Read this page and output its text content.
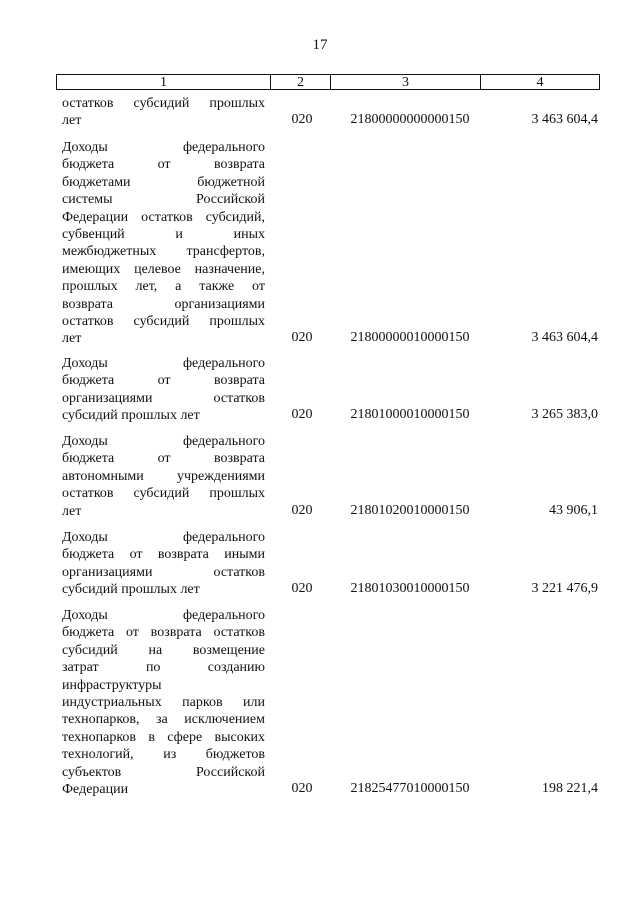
17
1	2	3	4
остатков субсидий прошлых
лет	020	21800000000000150	3 463 604,4
Доходы федерального
бюджета от возврата
бюджетами бюджетной
системы Российской
Федерации остатков субсидий,
субвенций и иных
межбюджетных трансфертов,
имеющих целевое назначение,
прошлых лет, а также от
возврата организациями
остатков субсидий прошлых
лет	020	21800000010000150	3 463 604,4
Доходы федерального
бюджета от возврата
организациями остатков
субсидий прошлых лет	020	21801000010000150	3 265 383,0
Доходы федерального
бюджета от возврата
автономными учреждениями
остатков субсидий прошлых
лет	020	21801020010000150	43 906,1
Доходы федерального
бюджета от возврата иными
организациями остатков
субсидий прошлых лет	020	21801030010000150	3 221 476,9
Доходы федерального
бюджета от возврата остатков
субсидий на возмещение
затрат по созданию
инфраструктуры
индустриальных парков или
технопарков, за исключением
технопарков в сфере высоких
технологий, из бюджетов
субъектов Российской
Федерации	020	21825477010000150	198 221,4
